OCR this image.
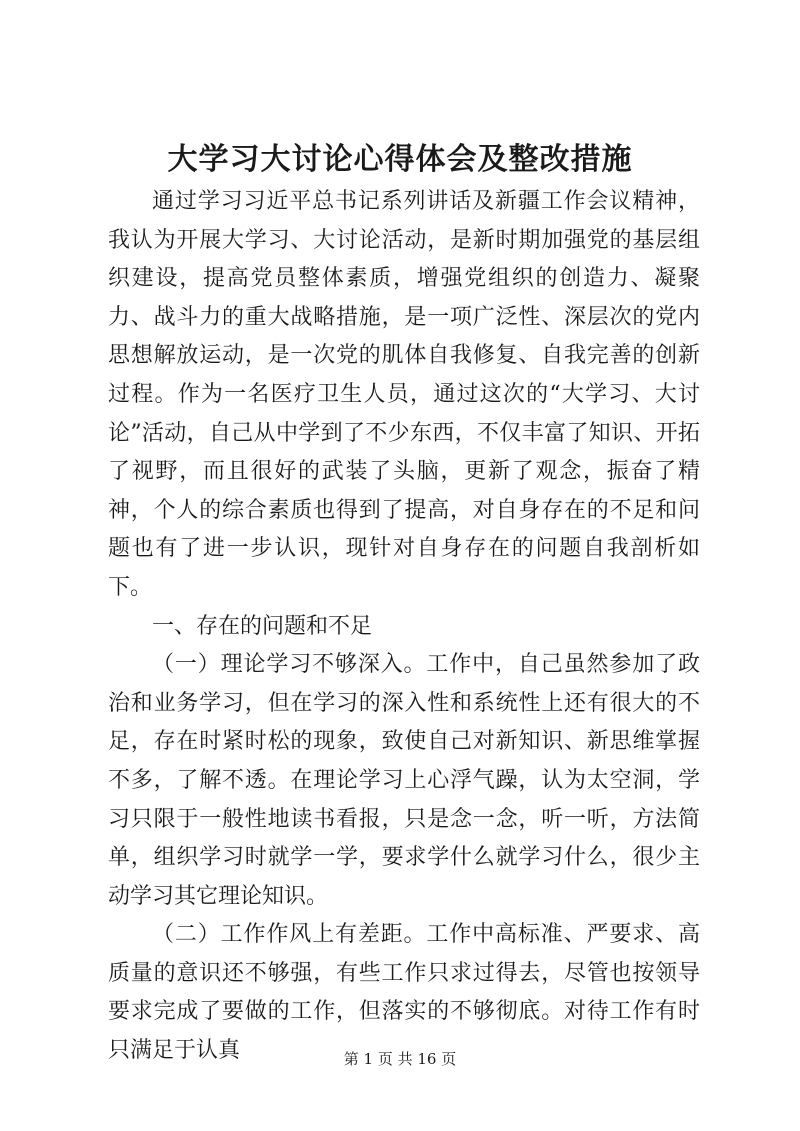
大学习大讨论心得体会及整改措施

通过学习习近平总书记系列讲话及新疆工作会议精神，我认为开展大学习、大讨论活动，是新时期加强党的基层组织建设，提高党员整体素质，增强党组织的创造力、凝聚力、战斗力的重大战略措施，是一项广泛性、深层次的党内思想解放运动，是一次党的肌体自我修复、自我完善的创新过程。作为一名医疗卫生人员，通过这次的“大学习、大讨论”活动，自己从中学到了不少东西，不仅丰富了知识、开拓了视野，而且很好的武装了头脑，更新了观念，振奋了精神，个人的综合素质也得到了提高，对自身存在的不足和问题也有了进一步认识，现针对自身存在的问题自我剖析如下。

一、存在的问题和不足

（一）理论学习不够深入。工作中，自己虽然参加了政治和业务学习，但在学习的深入性和系统性上还有很大的不足，存在时紧时松的现象，致使自己对新知识、新思维掌握不多，了解不透。在理论学习上心浮气躁，认为太空洞，学习只限于一般性地读书看报，只是念一念，听一听，方法简单，组织学习时就学一学，要求学什么就学习什么，很少主动学习其它理论知识。

（二）工作作风上有差距。工作中高标准、严要求、高质量的意识还不够强，有些工作只求过得去，尽管也按领导要求完成了要做的工作，但落实的不够彻底。对待工作有时只满足于认真	第 1 页 共 16 页
